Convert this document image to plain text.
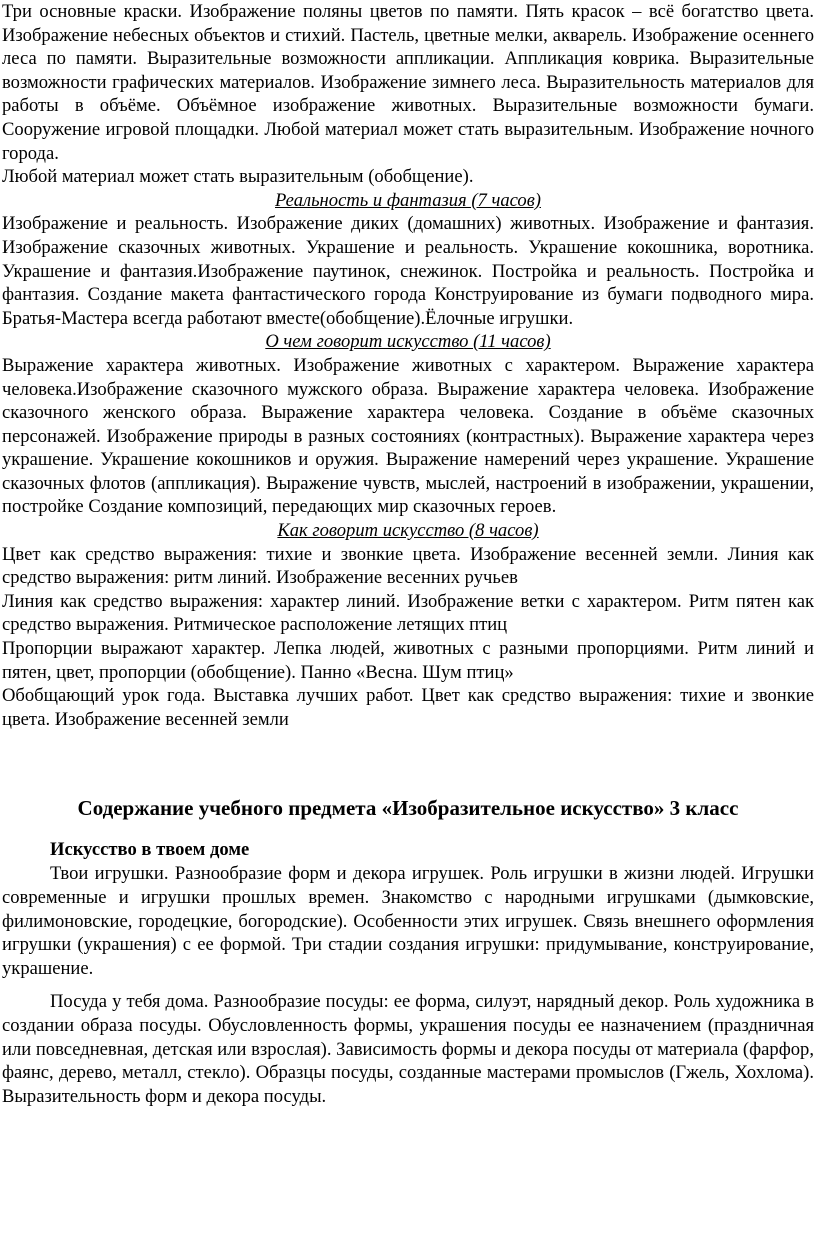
Три основные краски. Изображение поляны цветов по памяти. Пять красок – всё богатство цвета. Изображение небесных объектов и стихий. Пастель, цветные мелки, акварель. Изображение осеннего леса по памяти. Выразительные возможности аппликации. Аппликация коврика. Выразительные возможности графических материалов. Изображение зимнего леса. Выразительность материалов для работы в объёме. Объёмное изображение животных. Выразительные возможности бумаги. Сооружение игровой площадки. Любой материал может стать выразительным. Изображение ночного города.

Любой материал может стать выразительным (обобщение).

Реальность и фантазия (7 часов)

Изображение и реальность. Изображение диких (домашних) животных. Изображение и фантазия. Изображение сказочных животных. Украшение и реальность. Украшение кокошника, воротника. Украшение и фантазия.Изображение паутинок, снежинок. Постройка и реальность. Постройка и фантазия. Создание макета фантастического города Конструирование из бумаги подводного мира. Братья-Мастера всегда работают вместе(обобщение).Ёлочные игрушки.

О чем говорит искусство (11 часов)

Выражение характера животных. Изображение животных с характером. Выражение характера человека.Изображение сказочного мужского образа. Выражение характера человека. Изображение сказочного женского образа. Выражение характера человека. Создание в объёме сказочных персонажей. Изображение природы в разных состояниях (контрастных). Выражение характера через украшение. Украшение кокошников и оружия. Выражение намерений через украшение. Украшение сказочных флотов (аппликация). Выражение чувств, мыслей, настроений в изображении, украшении, постройке Создание композиций, передающих мир сказочных героев.

Как говорит искусство (8 часов)

Цвет как средство выражения: тихие и звонкие цвета. Изображение весенней земли. Линия как средство выражения: ритм линий. Изображение весенних ручьев

Линия как средство выражения: характер линий. Изображение ветки с характером. Ритм пятен как средство выражения. Ритмическое расположение летящих птиц

Пропорции выражают характер. Лепка людей, животных с разными пропорциями. Ритм линий и пятен, цвет, пропорции (обобщение). Панно «Весна. Шум птиц»

Обобщающий урок года. Выставка лучших работ. Цвет как средство выражения: тихие и звонкие цвета. Изображение весенней земли

Содержание учебного предмета «Изобразительное искусство» 3 класс

Искусство в твоем доме

Твои игрушки. Разнообразие форм и декора игрушек. Роль игрушки в жизни людей. Игрушки современные и игрушки прошлых времен. Знакомство с народными игрушками (дымковские, филимоновские, городецкие, богородские). Особенности этих игрушек. Связь внешнего оформления игрушки (украшения) с ее формой. Три стадии создания игрушки: придумывание, конструирование, украшение.

Посуда у тебя дома. Разнообразие посуды: ее форма, силуэт, нарядный декор. Роль художника в создании образа посуды. Обусловленность формы, украшения посуды ее назначением (праздничная или повседневная, детская или взрослая). Зависимость формы и декора посуды от материала (фарфор, фаянс, дерево, металл, стекло). Образцы посуды, созданные мастерами промыслов (Гжель, Хохлома). Выразительность форм и декора посуды.
